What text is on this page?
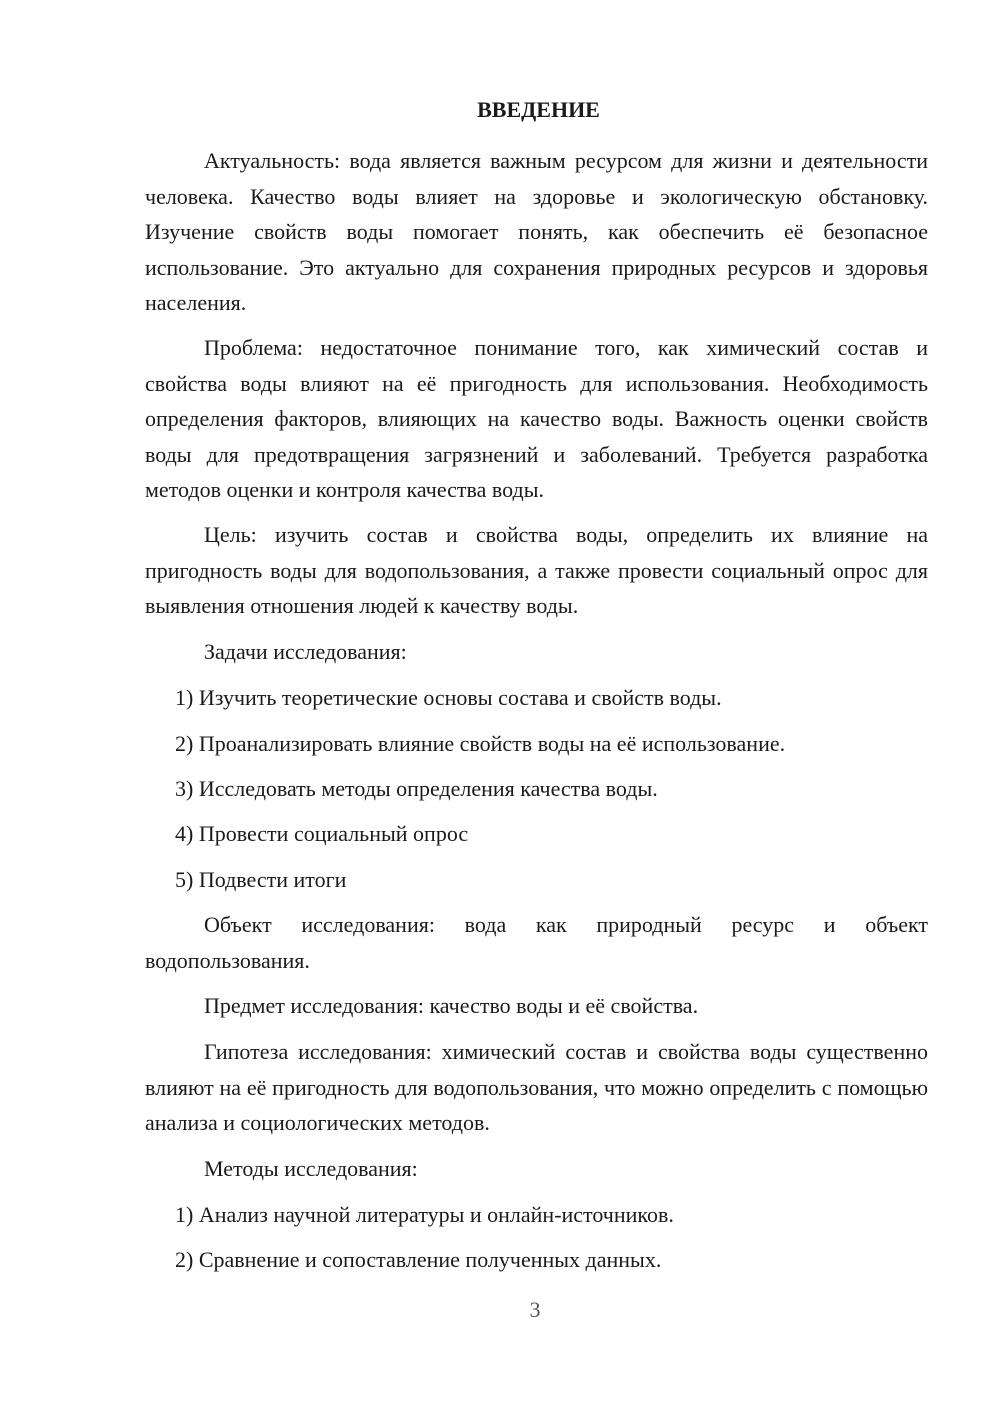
ВВЕДЕНИЕ

Актуальность: вода является важным ресурсом для жизни и деятельности человека. Качество воды влияет на здоровье и экологическую обстановку. Изучение свойств воды помогает понять, как обеспечить её безопасное использование. Это актуально для сохранения природных ресурсов и здоровья населения.

Проблема: недостаточное понимание того, как химический состав и свойства воды влияют на её пригодность для использования. Необходимость определения факторов, влияющих на качество воды. Важность оценки свойств воды для предотвращения загрязнений и заболеваний. Требуется разработка методов оценки и контроля качества воды.

Цель: изучить состав и свойства воды, определить их влияние на пригодность воды для водопользования, а также провести социальный опрос для выявления отношения людей к качеству воды.

Задачи исследования:

1) Изучить теоретические основы состава и свойств воды.
2) Проанализировать влияние свойств воды на её использование.
3) Исследовать методы определения качества воды.
4) Провести социальный опрос
5) Подвести итоги

Объект исследования: вода как природный ресурс и объект водопользования.

Предмет исследования: качество воды и её свойства.

Гипотеза исследования: химический состав и свойства воды существенно влияют на её пригодность для водопользования, что можно определить с помощью анализа и социологических методов.

Методы исследования:

1) Анализ научной литературы и онлайн-источников.
2) Сравнение и сопоставление полученных данных.
3
